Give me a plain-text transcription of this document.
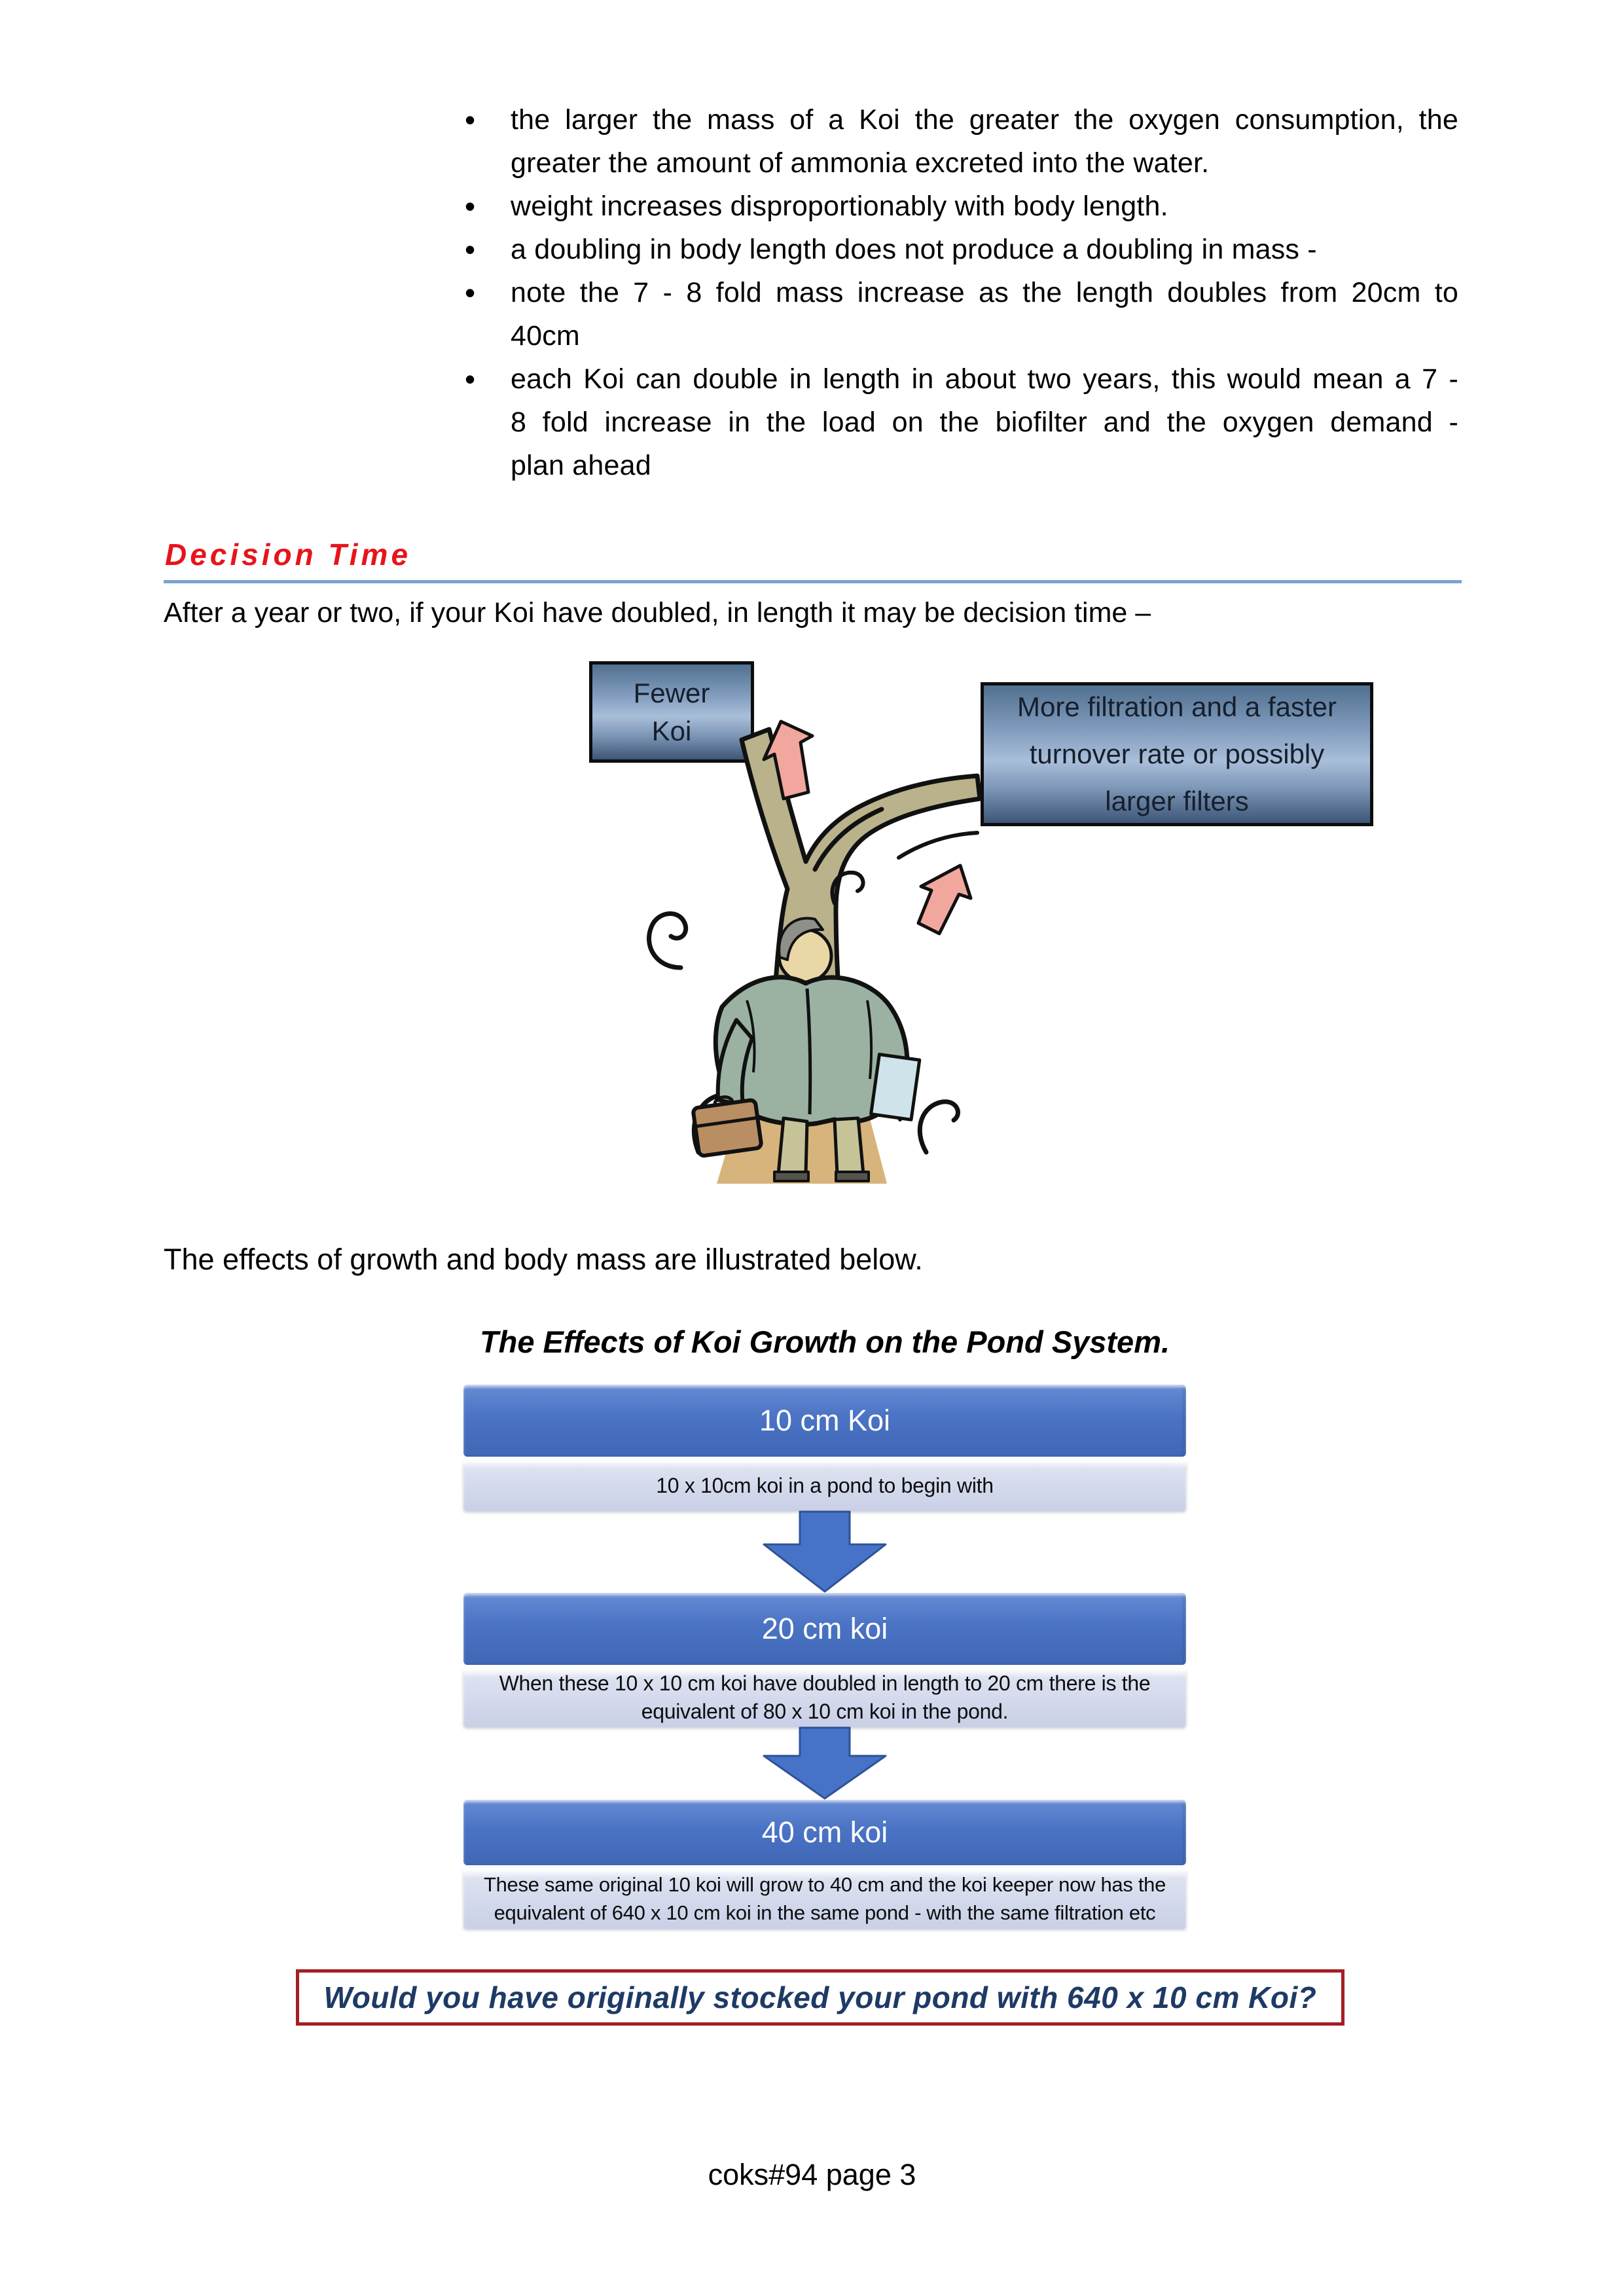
• the larger the mass of a Koi the greater the oxygen consumption, the
greater the amount of ammonia excreted into the water.
• weight increases disproportionably with body length.
• a doubling in body length does not produce a doubling in mass -
• note the 7 - 8 fold mass increase as the length doubles from 20cm to
40cm
• each Koi can double in length in about two years, this would mean a 7 -
8 fold increase in the load on the biofilter and the oxygen demand -
plan ahead
Decision Time
After a year or two, if your Koi have doubled, in length it may be decision time –
Fewer Koi
More filtration and a faster turnover rate or possibly larger filters
The effects of growth and body mass are illustrated below.
The Effects of Koi Growth on the Pond System.
10 cm Koi
10 x 10cm koi in a pond to begin with
20 cm koi
When these 10 x 10 cm koi have doubled in length to 20 cm there is the
equivalent of 80 x 10 cm koi in the pond.
40 cm koi
These same original 10 koi will grow to 40 cm and the koi keeper now has the
equivalent of 640 x 10 cm koi in the same pond - with the same filtration etc
Would you have originally stocked your pond with 640 x 10 cm Koi?
coks#94 page 3
